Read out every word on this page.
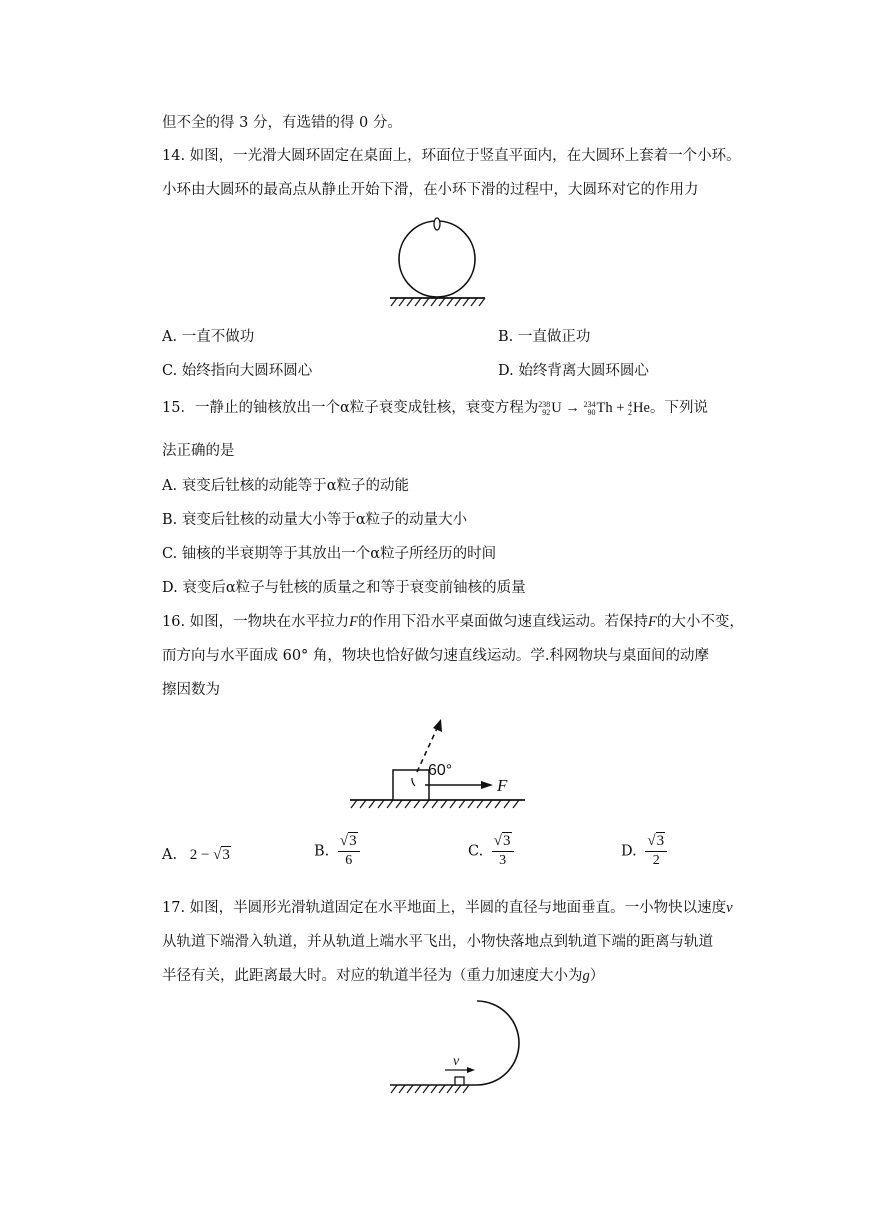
但不全的得 3 分，有选错的得 0 分。
14. 如图，一光滑大圆环固定在桌面上，环面位于竖直平面内，在大圆环上套着一个小环。
小环由大圆环的最高点从静止开始下滑，在小环下滑的过程中，大圆环对它的作用力
A. 一直不做功	B. 一直做正功
C. 始终指向大圆环圆心	D. 始终背离大圆环圆心
15．一静止的铀核放出一个α粒子衰变成钍核，衰变方程为238
92U → 234
90Th + 4
2He。下列说
法正确的是
A. 衰变后钍核的动能等于α粒子的动能
B. 衰变后钍核的动量大小等于α粒子的动量大小
C. 铀核的半衰期等于其放出一个α粒子所经历的时间
D. 衰变后α粒子与钍核的质量之和等于衰变前铀核的质量
16. 如图，一物块在水平拉力F的作用下沿水平桌面做匀速直线运动。若保持F的大小不变，
而方向与水平面成 60° 角，物块也恰好做匀速直线运动。学.科网物块与桌面间的动摩
擦因数为
60°
F
A. 2 − √3	B. $\frac{√3}{6}$	C. $\frac{√3}{3}$	D. $\frac{√3}{2}$
17. 如图，半圆形光滑轨道固定在水平地面上，半圆的直径与地面垂直。一小物快以速度v
从轨道下端滑入轨道，并从轨道上端水平飞出，小物快落地点到轨道下端的距离与轨道
半径有关，此距离最大时。对应的轨道半径为（重力加速度大小为g）
v
